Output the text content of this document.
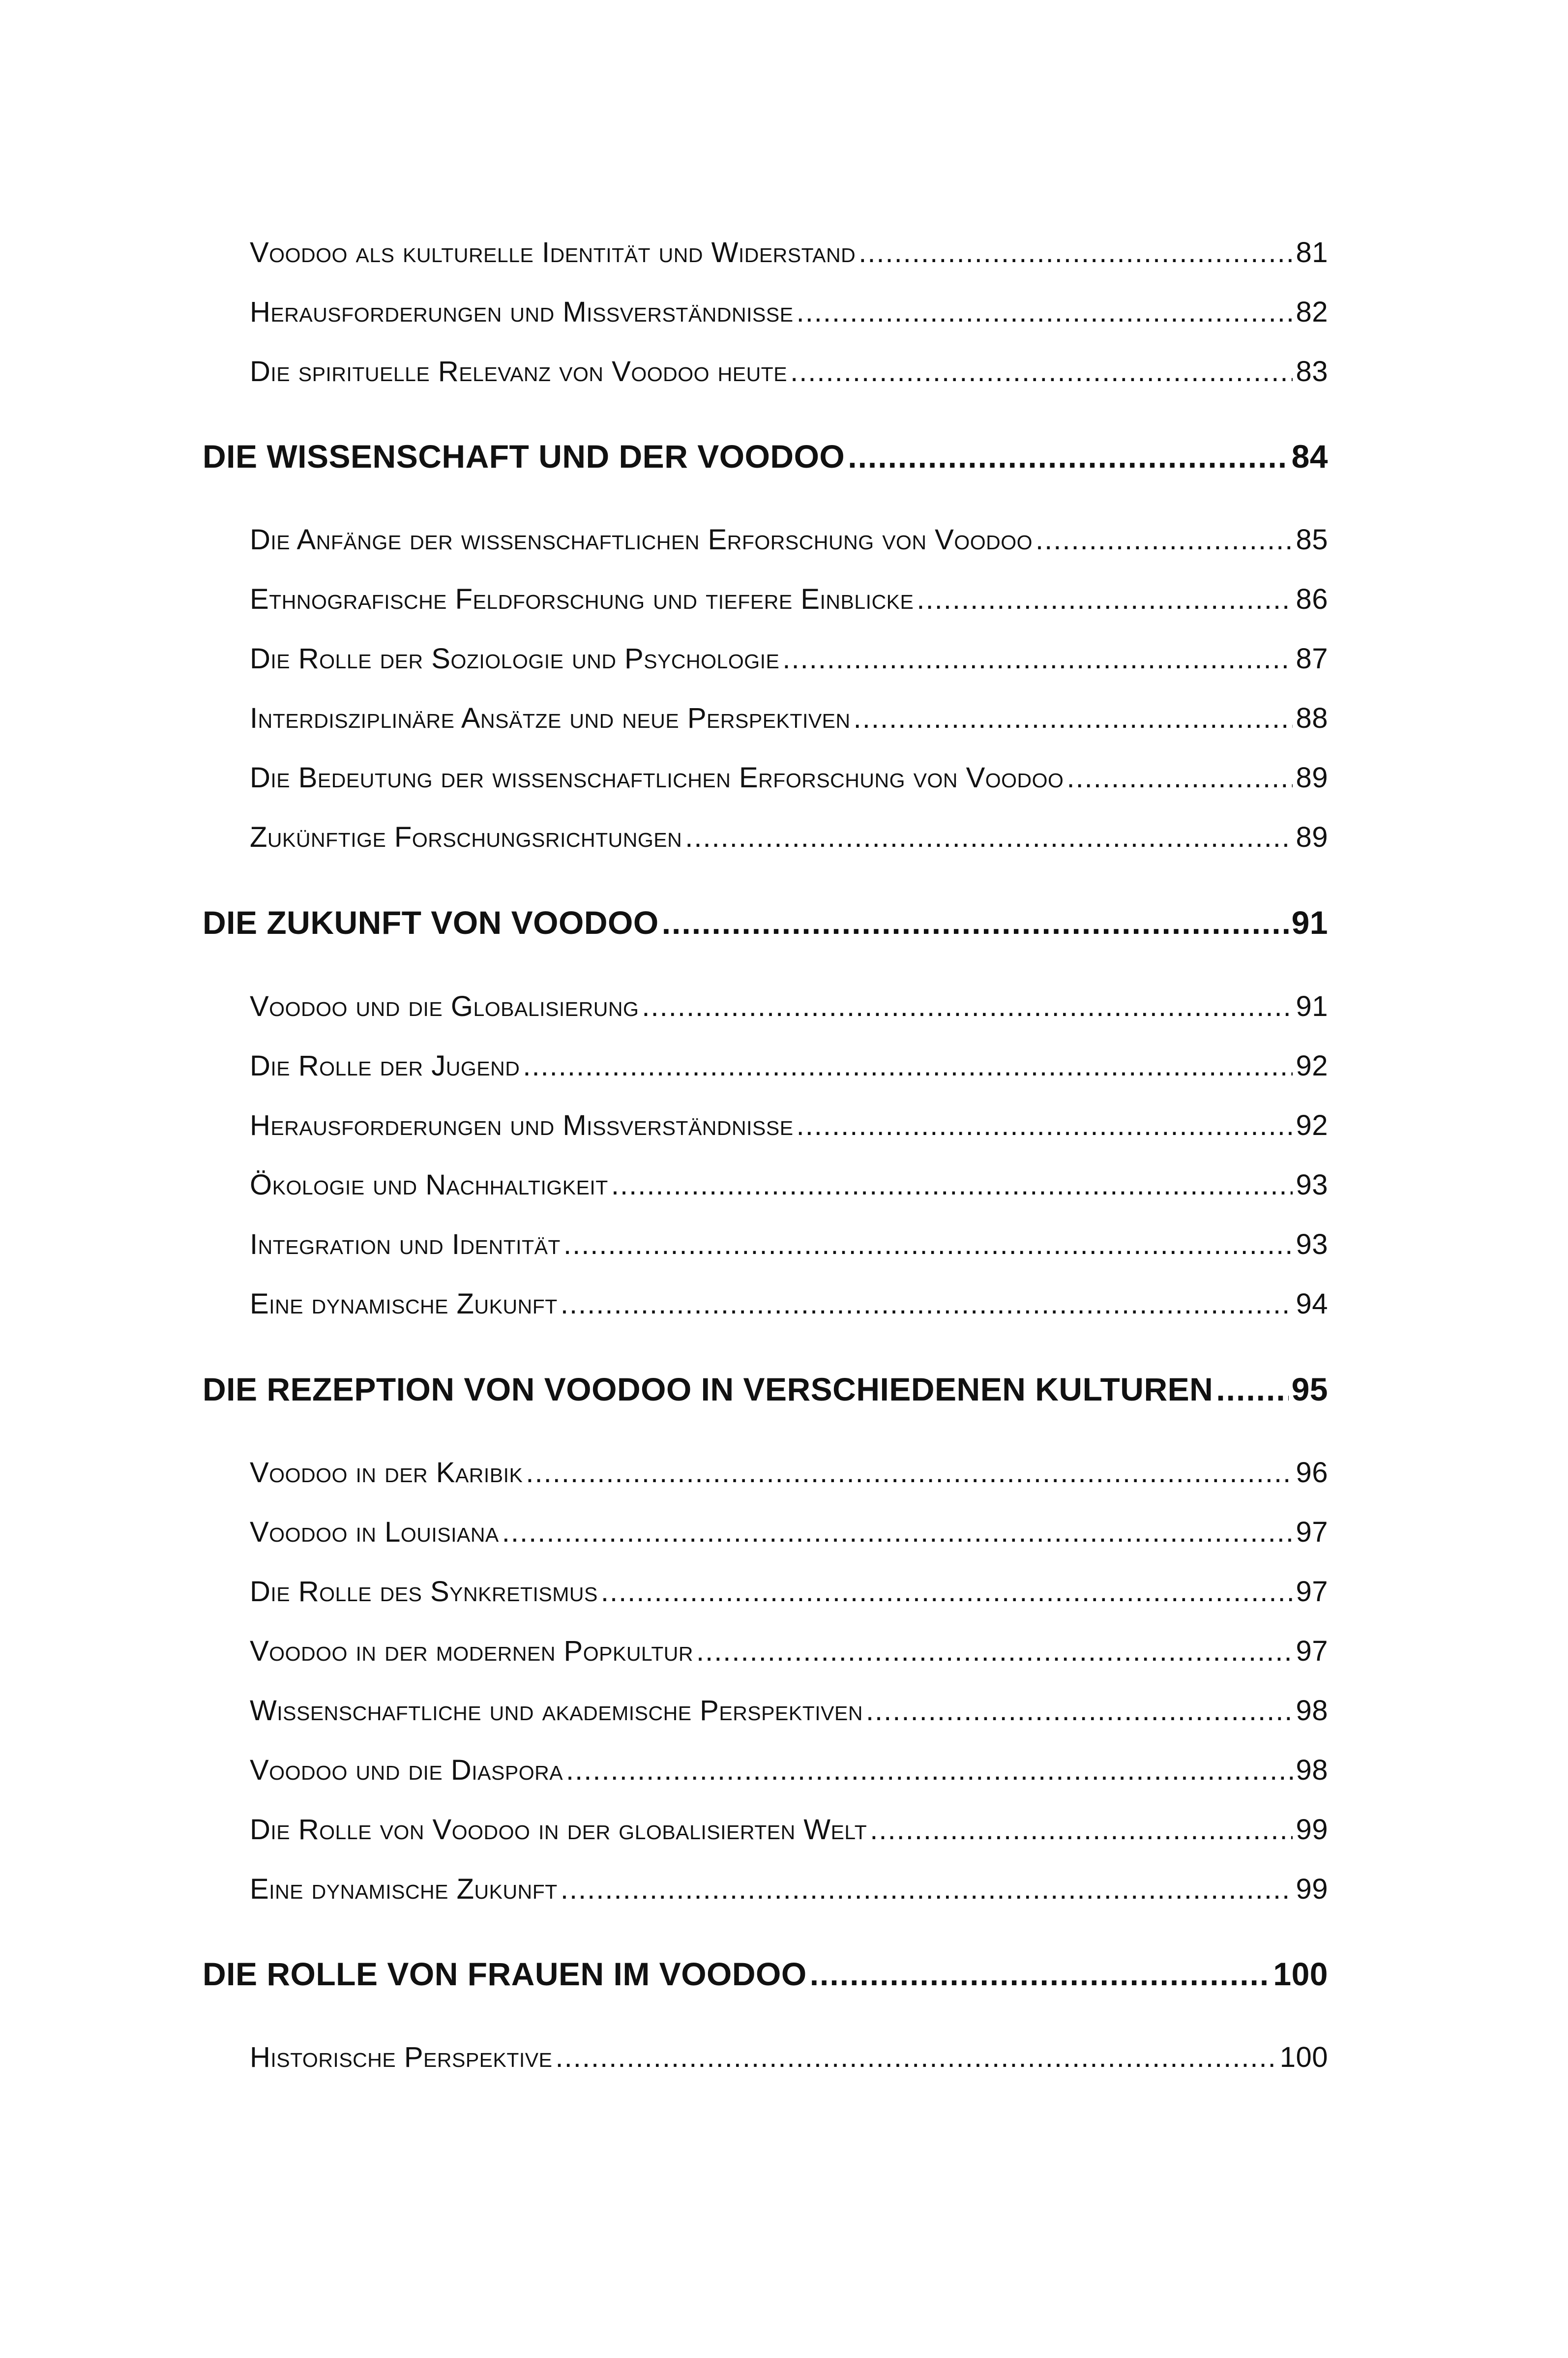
Voodoo als kulturelle Identität und Widerstand .....	81
Herausforderungen und Missverständnisse .....	82
Die spirituelle Relevanz von Voodoo heute .....	83
DIE WISSENSCHAFT UND DER VOODOO .....	84
Die Anfänge der wissenschaftlichen Erforschung von Voodoo .....	85
Ethnografische Feldforschung und tiefere Einblicke .....	86
Die Rolle der Soziologie und Psychologie .....	87
Interdisziplinäre Ansätze und neue Perspektiven .....	88
Die Bedeutung der wissenschaftlichen Erforschung von Voodoo .....	89
Zukünftige Forschungsrichtungen .....	89
DIE ZUKUNFT VON VOODOO .....	91
Voodoo und die Globalisierung .....	91
Die Rolle der Jugend .....	92
Herausforderungen und Missverständnisse .....	92
Ökologie und Nachhaltigkeit .....	93
Integration und Identität .....	93
Eine dynamische Zukunft .....	94
DIE REZEPTION VON VOODOO IN VERSCHIEDENEN KULTUREN ..... 95
Voodoo in der Karibik .....	96
Voodoo in Louisiana .....	97
Die Rolle des Synkretismus .....	97
Voodoo in der modernen Popkultur .....	97
Wissenschaftliche und akademische Perspektiven .....	98
Voodoo und die Diaspora .....	98
Die Rolle von Voodoo in der globalisierten Welt .....	99
Eine dynamische Zukunft .....	99
DIE ROLLE VON FRAUEN IM VOODOO .....	100
Historische Perspektive .....	100
